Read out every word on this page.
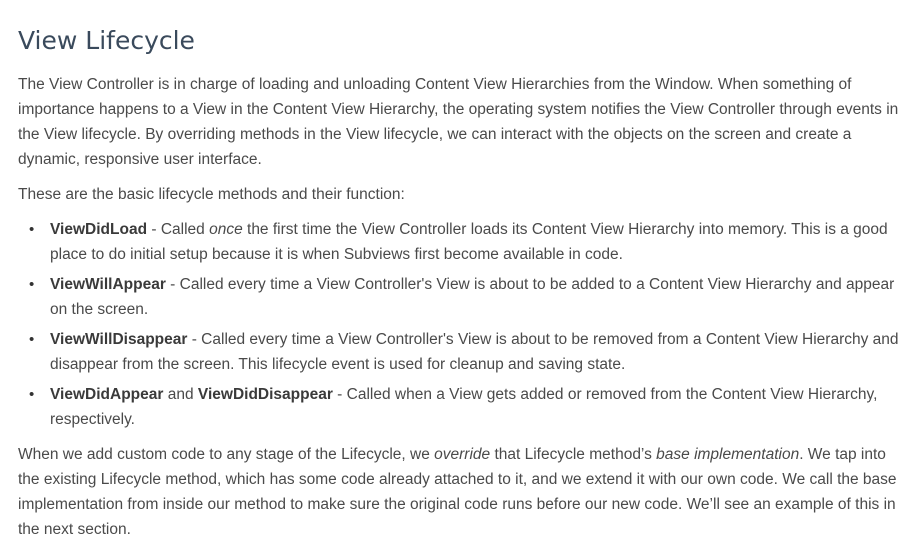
View Lifecycle

The View Controller is in charge of loading and unloading Content View Hierarchies from the Window. When something of importance happens to a View in the Content View Hierarchy, the operating system notifies the View Controller through events in the View lifecycle. By overriding methods in the View lifecycle, we can interact with the objects on the screen and create a dynamic, responsive user interface.

These are the basic lifecycle methods and their function:

• ViewDidLoad - Called once the first time the View Controller loads its Content View Hierarchy into memory. This is a good place to do initial setup because it is when Subviews first become available in code.
• ViewWillAppear - Called every time a View Controller's View is about to be added to a Content View Hierarchy and appear on the screen.
• ViewWillDisappear - Called every time a View Controller's View is about to be removed from a Content View Hierarchy and disappear from the screen. This lifecycle event is used for cleanup and saving state.
• ViewDidAppear and ViewDidDisappear - Called when a View gets added or removed from the Content View Hierarchy, respectively.

When we add custom code to any stage of the Lifecycle, we override that Lifecycle method’s base implementation. We tap into the existing Lifecycle method, which has some code already attached to it, and we extend it with our own code. We call the base implementation from inside our method to make sure the original code runs before our new code. We’ll see an example of this in the next section.
